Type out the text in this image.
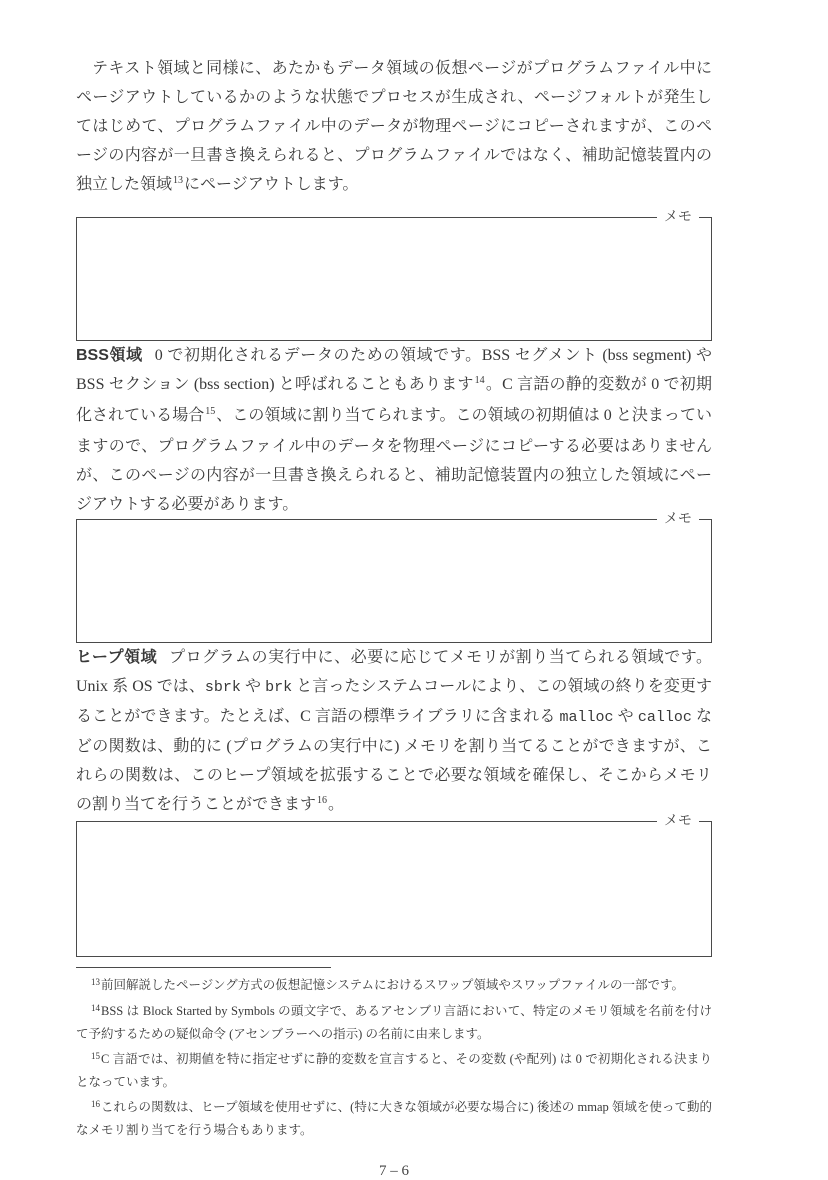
テキスト領域と同様に、あたかもデータ領域の仮想ページがプログラムファイル中にページアウトしているかのような状態でプロセスが生成され、ページフォルトが発生してはじめて、プログラムファイル中のデータが物理ページにコピーされますが、このページの内容が一旦書き換えられると、プログラムファイルではなく、補助記憶装置内の独立した領域$^{13}$にページアウトします。

メモ

BSS領域 0 で初期化されるデータのための領域です。BSS セグメント (bss segment) や BSS セクション (bss section) と呼ばれることもあります$^{14}$。C 言語の静的変数が 0 で初期化されている場合$^{15}$、この領域に割り当てられます。この領域の初期値は 0 と決まっていますので、プログラムファイル中のデータを物理ページにコピーする必要はありませんが、このページの内容が一旦書き換えられると、補助記憶装置内の独立した領域にページアウトする必要があります。

メモ

ヒープ領域 プログラムの実行中に、必要に応じてメモリが割り当てられる領域です。Unix 系 OS では、sbrk や brk と言ったシステムコールにより、この領域の終りを変更することができます。たとえば、C 言語の標準ライブラリに含まれる malloc や calloc などの関数は、動的に (プログラムの実行中に) メモリを割り当てることができますが、これらの関数は、このヒープ領域を拡張することで必要な領域を確保し、そこからメモリの割り当てを行うことができます$^{16}$。

メモ

$^{13}$前回解説したページング方式の仮想記憶システムにおけるスワップ領域やスワップファイルの一部です。

$^{14}$BSS は Block Started by Symbols の頭文字で、あるアセンブリ言語において、特定のメモリ領域を名前を付けて予約するための疑似命令 (アセンブラーへの指示) の名前に由来します。

$^{15}$C 言語では、初期値を特に指定せずに静的変数を宣言すると、その変数 (や配列) は 0 で初期化される決まりとなっています。

$^{16}$これらの関数は、ヒープ領域を使用せずに、(特に大きな領域が必要な場合に) 後述の mmap 領域を使って動的なメモリ割り当てを行う場合もあります。

7 – 6
